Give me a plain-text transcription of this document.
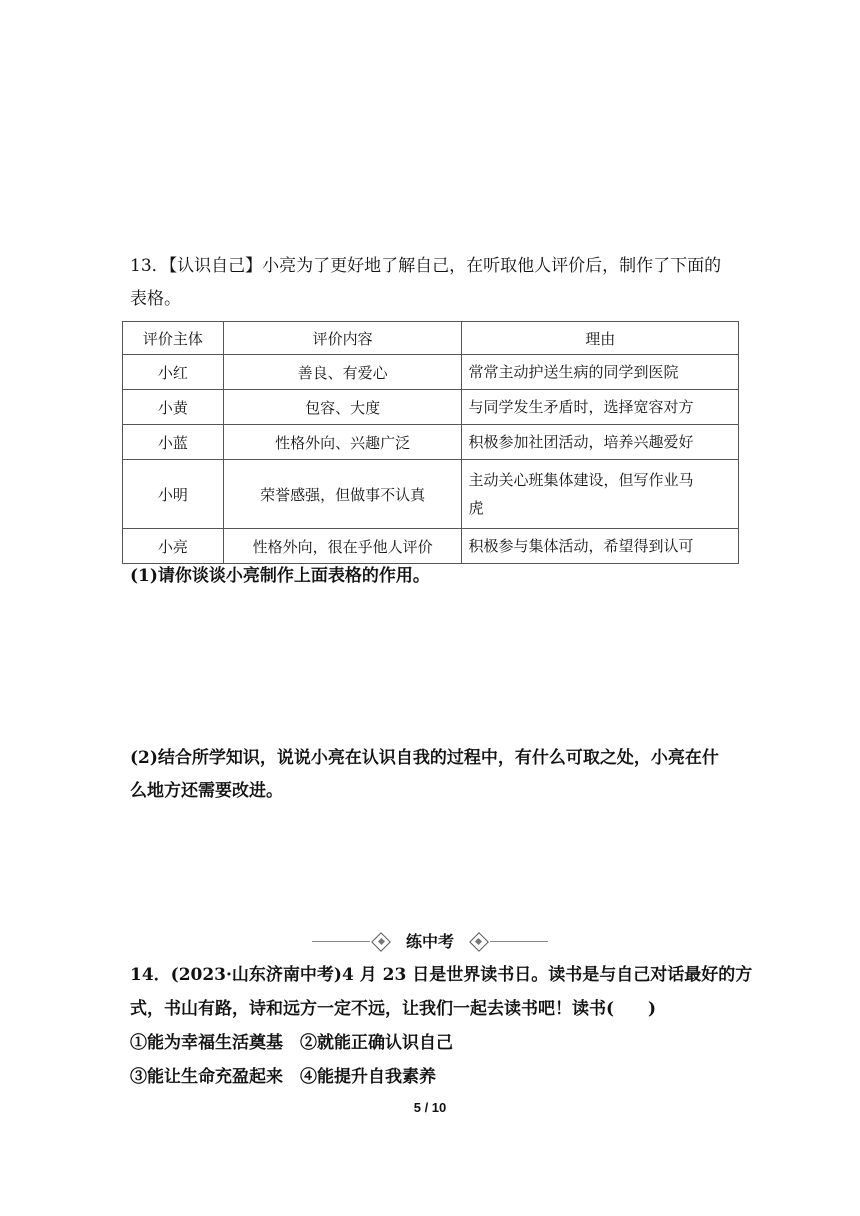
13．【认识自己】小亮为了更好地了解自己，在听取他人评价后，制作了下面的
表格。
评价主体	评价内容	理由
小红	善良、有爱心	常常主动护送生病的同学到医院
小黄	包容、大度	与同学发生矛盾时，选择宽容对方
小蓝	性格外向、兴趣广泛	积极参加社团活动，培养兴趣爱好
小明	荣誉感强，但做事不认真	主动关心班集体建设，但写作业马
虎

小亮	性格外向，很在乎他人评价	积极参与集体活动，希望得到认可
(1)请你谈谈小亮制作上面表格的作用。
(2)结合所学知识，说说小亮在认识自我的过程中，有什么可取之处，小亮在什
么地方还需要改进。
练中考
14．(2023·山东济南中考)4 月 23 日是世界读书日。读书是与自己对话最好的方
式，书山有路，诗和远方一定不远，让我们一起去读书吧！读书(　　)
①能为幸福生活奠基　②就能正确认识自己
③能让生命充盈起来　④能提升自我素养
5 / 10
